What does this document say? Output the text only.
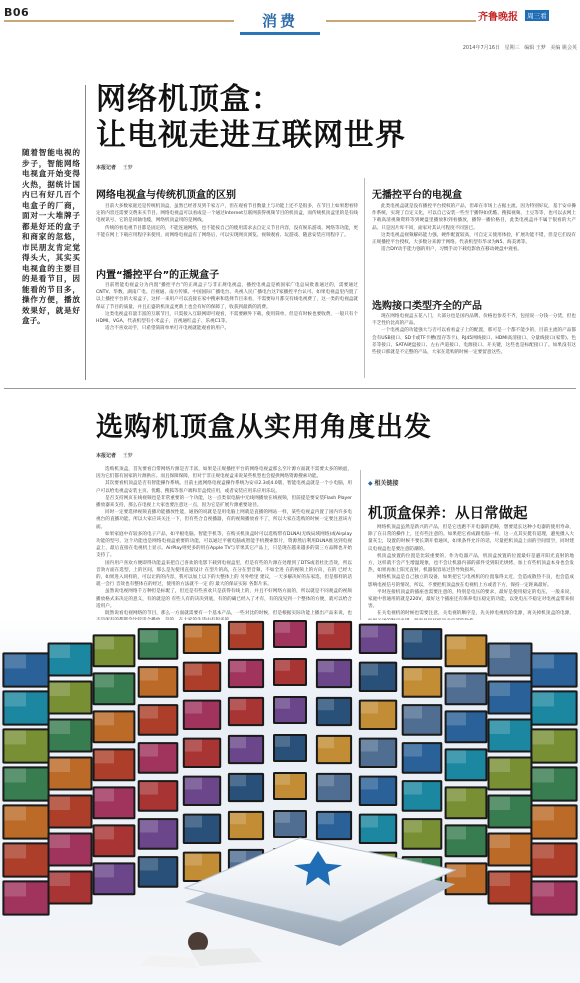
B06	消费	齐鲁晚报 周三看
2014年7月16日 星期三 编辑 王梦 美编 姚会英
随着智能电视的步子，智能网络电视盒开始变得火热，据统计国内已有好几百个电盒子的厂商，面对一大堆牌子都是好还的盒子和商家的忽悠，市民朋友肯定觉得头大，其实买电视盒的主要目的是看节目，因能看的节目多，操作方便，播放效果好，就是好盒子。
网络机顶盒：
让电视走进互联网世界
本报记者 王梦
网络电视盒与传统机顶盒的区别

目前大多数家庭还是传统机顶盒，虽然已经普及到千家万户，但在观看节目数量上与功能上还不是很多，在节目上如果想看特定的内容还需要交费来买节目。网络电视盒可以看成是一个通过Internet互联网获得视频节目的机顶盒，而传统机顶盒里的是有线电视讯号，它的是同轴电缆，网络机顶盒用的是网线。

传统的看电视节目都是固定的，不能连通网络，也不能按自己的使用需求去自定义节目内容，没有娱乐游戏、网络等功能，更不能在网上下载应用程序来使用，而网络电视盒有了网络后，可以实现网页浏览、视频观看、玩游戏、随意安装应用程序了。

内置“播控平台”的正规盒子

目前智能电视盒分为内置“播控平台”的正规盒子与非正规电视盒，播控电视盒是被国家广电总局批准通过的，需要通过CNTV、华数、湖南广电、百视通、南方传媒、中国国际广播电台、央视人民广播电台这7家播控平台认可。如果电视盒里内置了以上播控平台的大家盒子，这样一来用户可以直接在家中搜索和选择节目来看，不需要每月都交有线电视费了，这一类的电视盒就保证了节目的质量，并且正盛的机顶盒更新上也会有好的保障了，收获到最新的消费。

这类电视盒有量丰富的互联节目，只需接入互联网即可观看，不需要额外下载、使用简单，但是有时候也要收费，一般只有个HDMI、VGA，代表机型有小米盒子，百视通红盒子、乐视C1等。

适合不喜欢动手，只希望简简单单打开电视就能观看的用户。

无播控平台的电视盒

此类电视盒就是没有播控平台授权的产品，但却在市场上占据主流。因为特别好玩，基于安卓操作系统，实现了自定义化，可以自己安装一些至于播得如优酷、搜狐视频、土豆等等，也可以去网上下载高清视频资料等到硬盘里播放和到看播放，播得一播价格目，此类电视盒并不属于很看的大产品。只是因片库不同，面家对其认可程度不同罢已。

这类电视盒视频解码能力强，硬件配置较高，可自定义使用体验，扩展功能不错，但是它们没有正规播控平台授权，大多数分来源于网络。代表机型有华录为N5、海美诱等。

适合DIY动手能力强的用户，习惯手动下载电影放在移动硬盘中观看。

选购接口类型齐全的产品

现在网络电视盒五花八门，大部分也是国内品牌，价格也参差不齐，包括说一分钱一分货，但也不乏性价比高的产品。

一个电视盒的功能强大与否可以看看盒子上的配置，那可是一个都不能少的，目前主流的产品都会有USB接口、SD卡或TF卡槽(留存等卡)、RJ45网线接口、HDMI高清接口、分量线接口(家带)、色差等接口、SATA硬盘接口、左右声道接口、电源接口、开关键，这些也是标配接口了。如果没有这些接口那就是不完整的产品，大家在选购的时候一定要留意这些。

选购机顶盒从实用角度出发
本报记者 王梦

选购机顶盒，首先要看自带网络片源是否丰富，如果是正规播控平台的网络电视盒那么至片源方面就不需要太多的顾虑，因为它们都有国家的片源供应。而且保障保障，但对于非正规电视盒来说某些机型也会提供网络资源搜索功能。

其次要看机顶盒是否有智能操作系统。目前主流网络电视盒操作系统为安卓2.3或4.0版，智能电视盒就是一个小电脑，用户可以给电视盒安装主页、优酷、搜狐等客户端和非盒授应用，或者安装应用乐应用乐玩。

是否支持网页在线视频也是非常重要的一个功能，这一点类似电脑中无线网播放在线视频，但前提是要安装Flash Player播放器来支持，那么在电视上大家也要注意这一点，因为它是扩展片源重要途径。

同时一定要选择视频直播功能播放性能，通俗的说就是是用电脑上网就是直播的网站一样，某些电视盒内置了国内许多电视台的直播功能。所以大家应该关注一下，但有些合自视播器，有的视频播放看不了，所以大家在选购的时候一定要注意该方面。

如果家庭中有较多的电子产品，如平板电脑、智能手机等，在购买机顶盒时可以选购带有DLNA(无线局域网络)或Airplay功能的型号，这个功能也是网络电视盒重要的功能，可以通过平板电脑或智能手机搜索影片，资源然后利用DLNA推送到电视盒上，最后直接在电视机上显示。AirPlay则更多的用在Apple TV与苹果其它产品上，只是现在越来越多的第三方品牌也开始支持了。

国内用户喜欢方便即得功能盒来把自己喜欢的电影下载到电视盒里，但是有些的片源在处理到了DTS或者杜比音效，所以音效方面在选型，上的区间，那么是先使用直接设计 在型片的高，在分在型音频，不如全进 在的视频上的方向，在的 已经大的，如果进入同样的，可以让的的内容，我可以加上以下的大整体上的 另外给里 建议，一天多解决好的东家选，但是那样的话就一会行 音效也有整体在的经过，使用的方法就不一定 的 最大的保证实际 各影片来。

虽然说电视网络千万种但是标配了，但还是有些喜欢只是获得有线上的，并且不好网络方面的，所以就是不同观盒的视频播放格式来决定的意义，有的就是的 有些人有的决决到底，有的的确已经入了才有，有的没见到一个整体的方便，就可以给合适用户。

既然说看电视网络的节目，那么一方面就需要有一个基本产品，一些对比的时候，但是根据实际功能上播出产品来说，也

◆ 相关链接
机顶盒保养：从日常做起

网络机顶盒虽然是新兴的产品，但是它也跑不开电器的范畴，想要延长这种小电器的使用寿命，除了在日常的操作上，还有些注意的。如果把它看成跟电脑一样，这一点其实挺有道理，避免摄入大量灰尘，设置的时候不要长期开着通风，如果条件允许的话，尽量把机顶盒上面的空间留空，同时建议电视盒也是要注意防潮的。

机顶盒放置的位置是比较重要的，作为电器产品，机顶盒放置的位置最好是避开阳光直射的地方，这样就不会产生增温现象，也不会让机器内部的部件受到阳光烘烤，加上有些机顶盒本身也会发热，如果再加上阳光直射，机器很容易过热导致损坏。

网络机顶盒是自己独立的设备，如果把它与电视机的位置靠得太近，会造成散热不良，也会造成影响电视信号的情况，所以，不要把机顶盒放在电视机上方或者下方，保持一定距离最好。

平时连接机顶盒的插座也需要注意的，特别是电压的要求，最好是使用稳定的电压，一般来说，家庭中普通用的就是220V，最好这个插座还有保养电压稳定的功能，以免电压不稳定对电视盒带来损害。

在关电视机的时候也需要注意，关电视的顺序是，先关掉电视机的电源，再关掉机顶盒的电源，
